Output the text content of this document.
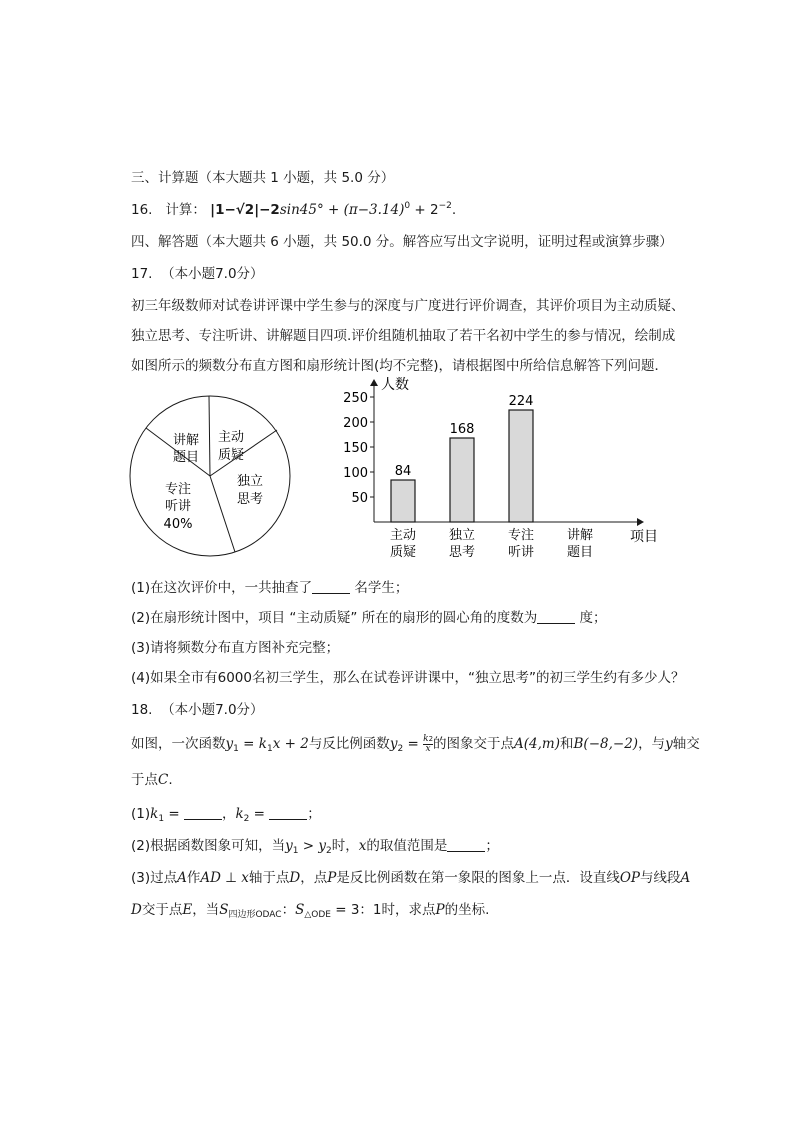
三、计算题（本大题共 1 小题，共 5.0 分）
16. 计算： $|1-√2|-2\sin 45^\circ + (\pi-3.14)^0 + 2^{-2}$.
四、解答题（本大题共 6 小题，共 50.0 分。解答应写出文字说明，证明过程或演算步骤）
17. （本小题7.0分）
初三年级数师对试卷讲评课中学生参与的深度与广度进行评价调查，其评价项目为主动质疑、
独立思考、专注听讲、讲解题目四项.评价组随机抽取了若干名初中学生的参与情况，绘制成
如图所示的频数分布直方图和扇形统计图(均不完整)，请根据图中所给信息解答下列问题．
讲解
题目
主动
质疑
独立
思考
专注
听讲
40%
人数
项目
50
100
150
200
250
84
主动
质疑
168
独立
思考
224
专注
听讲
讲解
题目
(1)在这次评价中，一共抽查了	名学生；
(2)在扇形统计图中，项目 “主动质疑” 所在的扇形的圆心角的度数为	度；
(3)请将频数分布直方图补充完整；
(4)如果全市有6000名初三学生，那么在试卷评讲课中，“独立思考”的初三学生约有多少人？
18. （本小题7.0分）
如图，一次函数$y_1 = k_1x + 2$与反比例函数$y_2 = \frac{k2}{x}$ 的图象交于点A(4,m)和B(−8,−2)，与y轴交
于点C.
$(1)k_1$ =	，$k_2$ =	；
(2)根据函数图象可知，当$y_1 > y_2$时，x的取值范围是	；
(3)过点A作AD ⊥ x轴于点D，点P是反比例函数在第一象限的图象上一点．设直线OP与线段A
D交于点E，当$S_{四边形ODAC}$：$S_{\triangle ODE} = 3$：1时，求点P的坐标.
